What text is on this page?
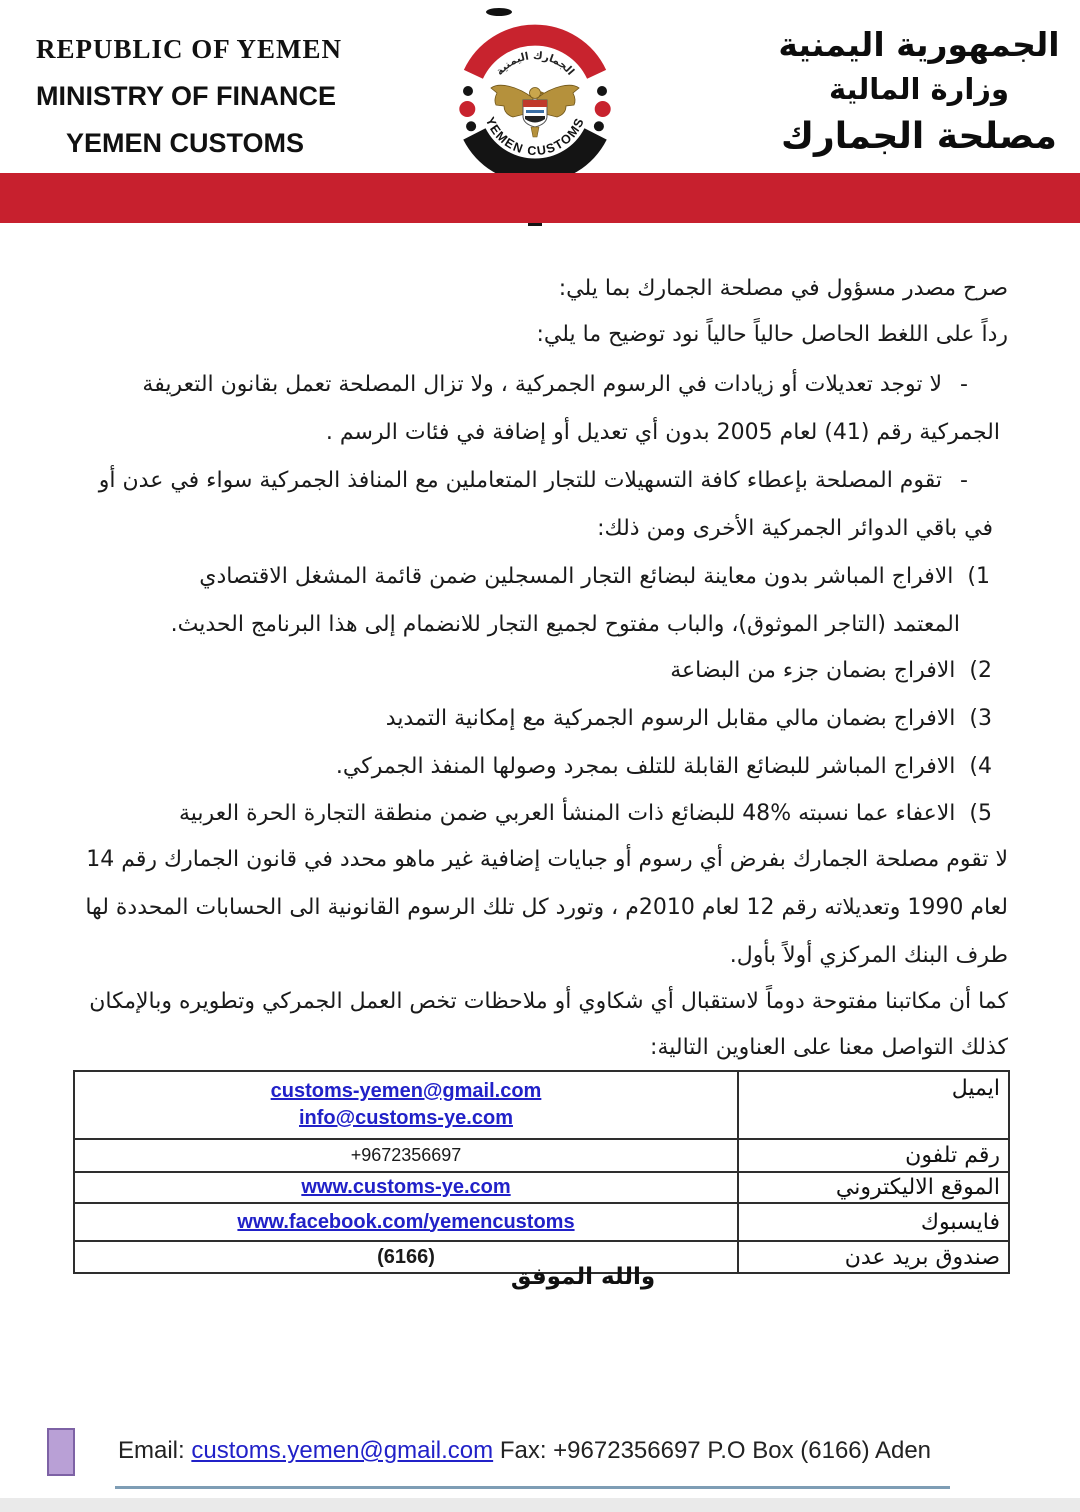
REPUBLIC OF YEMEN
MINISTRY OF FINANCE
YEMEN CUSTOMS
الجمهورية اليمنية
وزارة المالية
مصلحة الجمارك
الجمارك اليمنية
YEMEN CUSTOMS
صرح مصدر مسؤول في مصلحة الجمارك بما يلي:
رداً على اللغط الحاصل حالياً حالياً نود توضيح ما يلي:
-لا توجد تعديلات أو زيادات في الرسوم الجمركية ، ولا تزال المصلحة تعمل بقانون التعريفة
الجمركية رقم (41) لعام 2005 بدون أي تعديل أو إضافة في فئات الرسم .
-تقوم المصلحة بإعطاء كافة التسهيلات للتجار المتعاملين مع المنافذ الجمركية سواء في عدن أو
في باقي الدوائر الجمركية الأخرى ومن ذلك:
1)الافراج المباشر بدون معاينة لبضائع التجار المسجلين ضمن قائمة المشغل الاقتصادي
المعتمد (التاجر الموثوق)، والباب مفتوح لجميع التجار للانضمام إلى هذا البرنامج الحديث.
2)الافراج بضمان جزء من البضاعة
3)الافراج بضمان مالي مقابل الرسوم الجمركية مع إمكانية التمديد
4)الافراج المباشر للبضائع القابلة للتلف بمجرد وصولها المنفذ الجمركي.
5)الاعفاء عما نسبته %48 للبضائع ذات المنشأ العربي ضمن منطقة التجارة الحرة العربية
لا تقوم مصلحة الجمارك بفرض أي رسوم أو جبايات إضافية غير ماهو محدد في قانون الجمارك رقم 14
لعام 1990 وتعديلاته رقم 12 لعام 2010م ، وتورد كل تلك الرسوم القانونية الى الحسابات المحددة لها
طرف البنك المركزي أولاً بأول.
كما أن مكاتبنا مفتوحة دوماً لاستقبال أي شكاوي أو ملاحظات تخص العمل الجمركي وتطويره وبالإمكان
كذلك التواصل معنا على العناوين التالية:
ايميل	customs-yemen@gmail.com
info@customs-ye.com

رقم تلفون	+9672356697
الموقع الاليكتروني	www.customs-ye.com
فايسبوك	www.facebook.com/yemencustoms
صندوق بريد عدن	(6166)
والله الموفق
Email: customs.yemen@gmail.com Fax: +9672356697 P.O Box (6166) Aden
